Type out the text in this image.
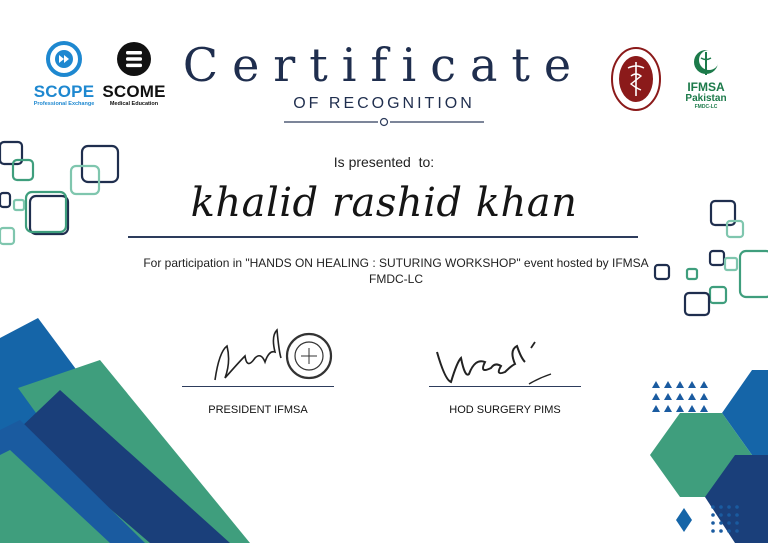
SCOPE
Professional Exchange
SCOME
Medical Education
IFMSA
Pakistan
FMDC-LC
Certificate
OF RECOGNITION
Is presented  to:
khalid rashid khan
For participation in "HANDS ON HEALING : SUTURING WORKSHOP" event hosted by IFMSA FMDC-LC
PRESIDENT IFMSA	HOD SURGERY PIMS
